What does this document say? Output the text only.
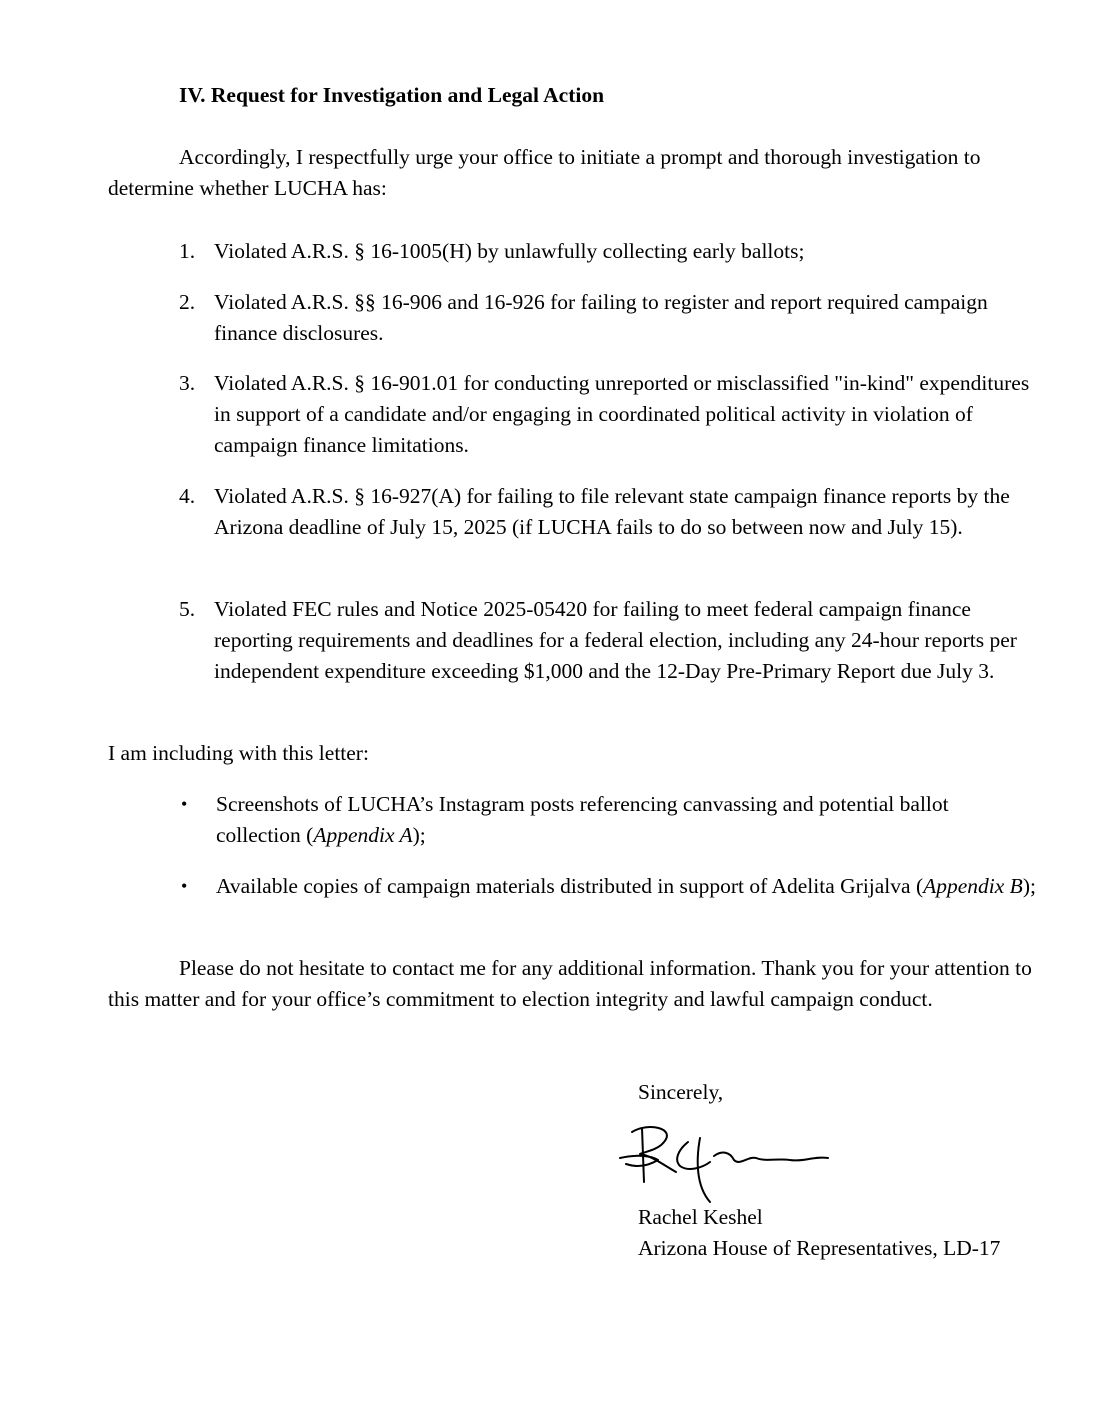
IV. Request for Investigation and Legal Action

Accordingly, I respectfully urge your office to initiate a prompt and thorough investigation to determine whether LUCHA has:

1. Violated A.R.S. § 16-1005(H) by unlawfully collecting early ballots;
2. Violated A.R.S. §§ 16-906 and 16-926 for failing to register and report required campaign finance disclosures.
3. Violated A.R.S. § 16-901.01 for conducting unreported or misclassified "in-kind" expenditures in support of a candidate and/or engaging in coordinated political activity in violation of campaign finance limitations.
4. Violated A.R.S. § 16-927(A) for failing to file relevant state campaign finance reports by the Arizona deadline of July 15, 2025 (if LUCHA fails to do so between now and July 15).
5. Violated FEC rules and Notice 2025-05420 for failing to meet federal campaign finance reporting requirements and deadlines for a federal election, including any 24-hour reports per independent expenditure exceeding $1,000 and the 12-Day Pre-Primary Report due July 3.

I am including with this letter:

•	Screenshots of LUCHA’s Instagram posts referencing canvassing and potential ballot collection (Appendix A);
•	Available copies of campaign materials distributed in support of Adelita Grijalva (Appendix B);

Please do not hesitate to contact me for any additional information. Thank you for your attention to this matter and for your office’s commitment to election integrity and lawful campaign conduct.

Sincerely,
Rachel Keshel
Arizona House of Representatives, LD-17
